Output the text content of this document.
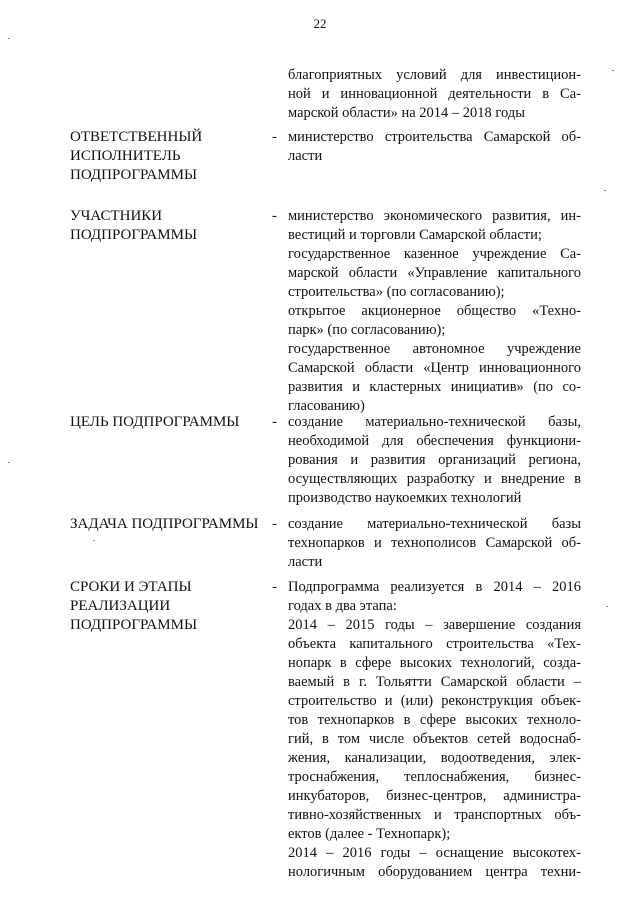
22
благоприятных условий для инвестицион-
ной и инновационной деятельности в Са-
марской области» на 2014 – 2018 годы
ОТВЕТСТВЕННЫЙ
ИСПОЛНИТЕЛЬ
ПОДПРОГРАММЫ
- министерство строительства Самарской об-
ласти
УЧАСТНИКИ
ПОДПРОГРАММЫ
- министерство экономического развития, ин-
вестиций и торговли Самарской области;
государственное казенное учреждение Са-
марской области «Управление капитального
строительства» (по согласованию);
открытое акционерное общество «Техно-
парк» (по согласованию);
государственное автономное учреждение
Самарской области «Центр инновационного
развития и кластерных инициатив» (по со-
гласованию)
ЦЕЛЬ ПОДПРОГРАММЫ - создание материально-технической базы,
необходимой для обеспечения функциони-
рования и развития организаций региона,
осуществляющих разработку и внедрение в
производство наукоемких технологий
ЗАДАЧА ПОДПРОГРАММЫ - создание материально-технической базы
технопарков и технополисов Самарской об-
ласти
СРОКИ И ЭТАПЫ
РЕАЛИЗАЦИИ
ПОДПРОГРАММЫ
- Подпрограмма реализуется в 2014 – 2016
годах в два этапа:
2014 – 2015 годы – завершение создания
объекта капитального строительства «Тех-
нопарк в сфере высоких технологий, созда-
ваемый в г. Тольятти Самарской области –
строительство и (или) реконструкция объек-
тов технопарков в сфере высоких техноло-
гий, в том числе объектов сетей водоснаб-
жения, канализации, водоотведения, элек-
троснабжения, теплоснабжения, бизнес-
инкубаторов, бизнес-центров, администра-
тивно-хозяйственных и транспортных объ-
ектов (далее - Технопарк);
2014 – 2016 годы – оснащение высокотех-
нологичным оборудованием центра техни-
